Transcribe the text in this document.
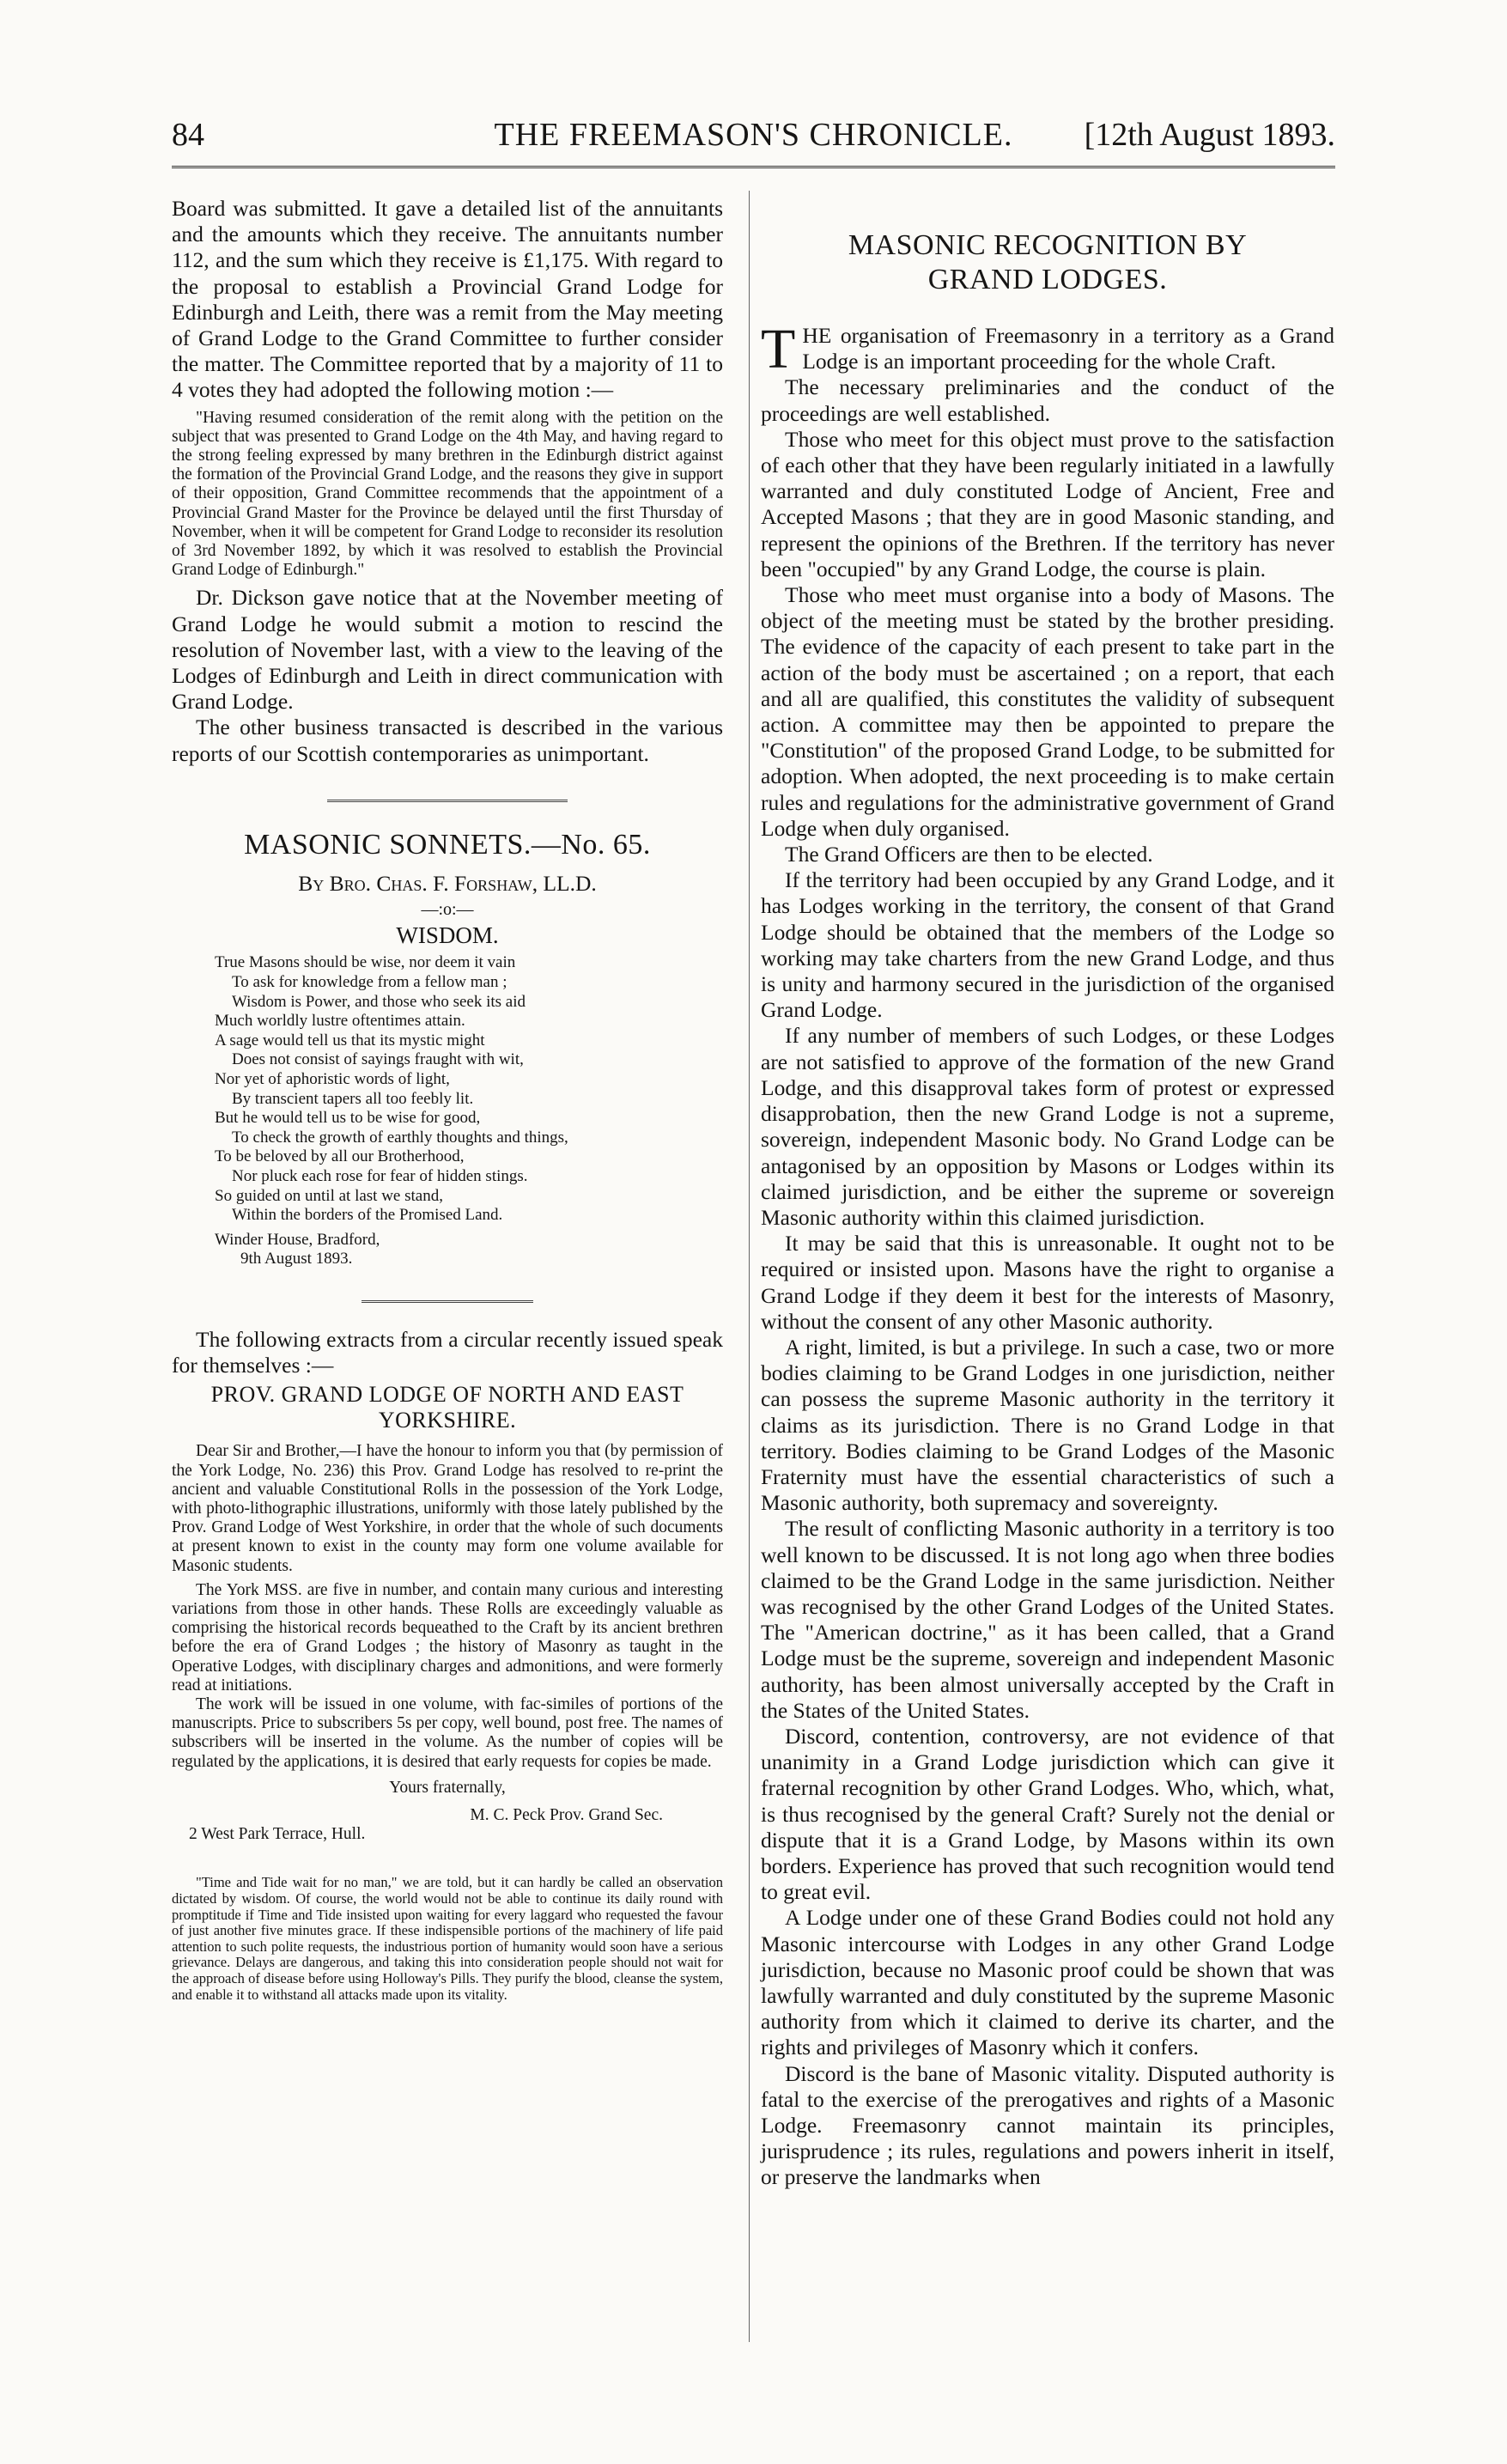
THE FREEMASON'S CHRONICLE.
84	[12th August 1893.

Board was submitted. It gave a detailed list of the annuitants and the amounts which they receive. The annuitants number 112, and the sum which they receive is £1,175. With regard to the proposal to establish a Provincial Grand Lodge for Edinburgh and Leith, there was a remit from the May meeting of Grand Lodge to the Grand Committee to further consider the matter. The Committee reported that by a majority of 11 to 4 votes they had adopted the following motion :—

"Having resumed consideration of the remit along with the petition on the subject that was presented to Grand Lodge on the 4th May, and having regard to the strong feeling expressed by many brethren in the Edinburgh district against the formation of the Provincial Grand Lodge, and the reasons they give in support of their opposition, Grand Committee recommends that the appointment of a Provincial Grand Master for the Province be delayed until the first Thursday of November, when it will be competent for Grand Lodge to reconsider its resolution of 3rd November 1892, by which it was resolved to establish the Provincial Grand Lodge of Edinburgh."

Dr. Dickson gave notice that at the November meeting of Grand Lodge he would submit a motion to rescind the resolution of November last, with a view to the leaving of the Lodges of Edinburgh and Leith in direct communication with Grand Lodge.

The other business transacted is described in the various reports of our Scottish contemporaries as unimportant.

MASONIC SONNETS.—No. 65.
By Bro. Chas. F. Forshaw, LL.D.
—:o:—
WISDOM.
True Masons should be wise, nor deem it vain
To ask for knowledge from a fellow man ;
Wisdom is Power, and those who seek its aid
Much worldly lustre oftentimes attain.
A sage would tell us that its mystic might
Does not consist of sayings fraught with wit,
Nor yet of aphoristic words of light,
By transcient tapers all too feebly lit.
But he would tell us to be wise for good,
To check the growth of earthly thoughts and things,
To be beloved by all our Brotherhood,
Nor pluck each rose for fear of hidden stings.
So guided on until at last we stand,
Within the borders of the Promised Land.
Winder House, Bradford,
9th August 1893.

The following extracts from a circular recently issued speak for themselves :—

PROV. GRAND LODGE OF NORTH AND EAST YORKSHIRE.

Dear Sir and Brother,—I have the honour to inform you that (by permission of the York Lodge, No. 236) this Prov. Grand Lodge has resolved to re-print the ancient and valuable Constitutional Rolls in the possession of the York Lodge, with photo-lithographic illustrations, uniformly with those lately published by the Prov. Grand Lodge of West Yorkshire, in order that the whole of such documents at present known to exist in the county may form one volume available for Masonic students.

The York MSS. are five in number, and contain many curious and interesting variations from those in other hands. These Rolls are exceedingly valuable as comprising the historical records bequeathed to the Craft by its ancient brethren before the era of Grand Lodges ; the history of Masonry as taught in the Operative Lodges, with disciplinary charges and admonitions, and were formerly read at initiations.

The work will be issued in one volume, with fac-similes of portions of the manuscripts. Price to subscribers 5s per copy, well bound, post free. The names of subscribers will be inserted in the volume. As the number of copies will be regulated by the applications, it is desired that early requests for copies be made.

Yours fraternally,

M. C. Peck Prov. Grand Sec.

2 West Park Terrace, Hull.

"Time and Tide wait for no man," we are told, but it can hardly be called an observation dictated by wisdom. Of course, the world would not be able to continue its daily round with promptitude if Time and Tide insisted upon waiting for every laggard who requested the favour of just another five minutes grace. If these indispensible portions of the machinery of life paid attention to such polite requests, the industrious portion of humanity would soon have a serious grievance. Delays are dangerous, and taking this into consideration people should not wait for the approach of disease before using Holloway's Pills. They purify the blood, cleanse the system, and enable it to withstand all attacks made upon its vitality.

MASONIC RECOGNITION BY GRAND LODGES.

THE organisation of Freemasonry in a territory as a Grand Lodge is an important proceeding for the whole Craft.

The necessary preliminaries and the conduct of the proceedings are well established.

Those who meet for this object must prove to the satisfaction of each other that they have been regularly initiated in a lawfully warranted and duly constituted Lodge of Ancient, Free and Accepted Masons ; that they are in good Masonic standing, and represent the opinions of the Brethren. If the territory has never been "occupied" by any Grand Lodge, the course is plain.

Those who meet must organise into a body of Masons. The object of the meeting must be stated by the brother presiding. The evidence of the capacity of each present to take part in the action of the body must be ascertained ; on a report, that each and all are qualified, this constitutes the validity of subsequent action. A committee may then be appointed to prepare the "Constitution" of the proposed Grand Lodge, to be submitted for adoption. When adopted, the next proceeding is to make certain rules and regulations for the administrative government of Grand Lodge when duly organised.

The Grand Officers are then to be elected.

If the territory had been occupied by any Grand Lodge, and it has Lodges working in the territory, the consent of that Grand Lodge should be obtained that the members of the Lodge so working may take charters from the new Grand Lodge, and thus is unity and harmony secured in the jurisdiction of the organised Grand Lodge.

If any number of members of such Lodges, or these Lodges are not satisfied to approve of the formation of the new Grand Lodge, and this disapproval takes form of protest or expressed disapprobation, then the new Grand Lodge is not a supreme, sovereign, independent Masonic body. No Grand Lodge can be antagonised by an opposition by Masons or Lodges within its claimed jurisdiction, and be either the supreme or sovereign Masonic authority within this claimed jurisdiction.

It may be said that this is unreasonable. It ought not to be required or insisted upon. Masons have the right to organise a Grand Lodge if they deem it best for the interests of Masonry, without the consent of any other Masonic authority.

A right, limited, is but a privilege. In such a case, two or more bodies claiming to be Grand Lodges in one jurisdiction, neither can possess the supreme Masonic authority in the territory it claims as its jurisdiction. There is no Grand Lodge in that territory. Bodies claiming to be Grand Lodges of the Masonic Fraternity must have the essential characteristics of such a Masonic authority, both supremacy and sovereignty.

The result of conflicting Masonic authority in a territory is too well known to be discussed. It is not long ago when three bodies claimed to be the Grand Lodge in the same jurisdiction. Neither was recognised by the other Grand Lodges of the United States. The "American doctrine," as it has been called, that a Grand Lodge must be the supreme, sovereign and independent Masonic authority, has been almost universally accepted by the Craft in the States of the United States.

Discord, contention, controversy, are not evidence of that unanimity in a Grand Lodge jurisdiction which can give it fraternal recognition by other Grand Lodges. Who, which, what, is thus recognised by the general Craft? Surely not the denial or dispute that it is a Grand Lodge, by Masons within its own borders. Experience has proved that such recognition would tend to great evil.

A Lodge under one of these Grand Bodies could not hold any Masonic intercourse with Lodges in any other Grand Lodge jurisdiction, because no Masonic proof could be shown that was lawfully warranted and duly constituted by the supreme Masonic authority from which it claimed to derive its charter, and the rights and privileges of Masonry which it confers.

Discord is the bane of Masonic vitality. Disputed authority is fatal to the exercise of the prerogatives and rights of a Masonic Lodge. Freemasonry cannot maintain its principles, jurisprudence ; its rules, regulations and powers inherit in itself, or preserve the landmarks when
